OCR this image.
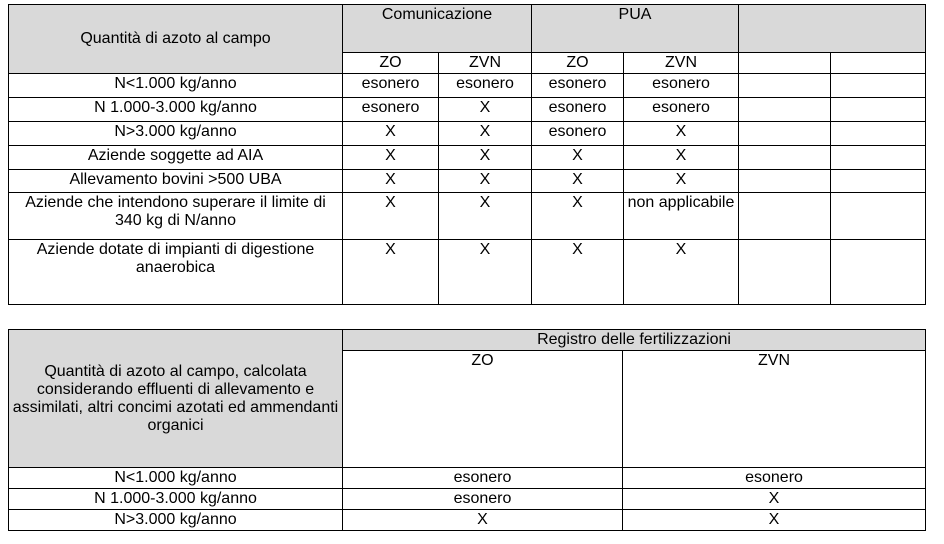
Quantità di azoto al campo	Comunicazione		PUA			
	ZO	ZVN	ZO	ZVN		
N<1.000 kg/anno	esonero	esonero	esonero	esonero		
N 1.000-3.000 kg/anno	esonero	X	esonero	esonero		
N>3.000 kg/anno	X	X	esonero	X		
Aziende soggette ad AIA	X	X	X	X		
Allevamento bovini >500 UBA	X	X	X	X		
Aziende che intendono superare il limite di 340 kg di N/anno	X	X	X	non applicabile		
Aziende dotate di impianti di digestione anaerobica	X	X	X	X		
Quantità di azoto al campo, calcolata considerando effluenti di allevamento e assimilati, altri concimi azotati ed ammendanti organici	Registro delle fertilizzazioni	
	ZO	ZVN
N<1.000 kg/anno	esonero	esonero
N 1.000-3.000 kg/anno	esonero	X
N>3.000 kg/anno	X	X
